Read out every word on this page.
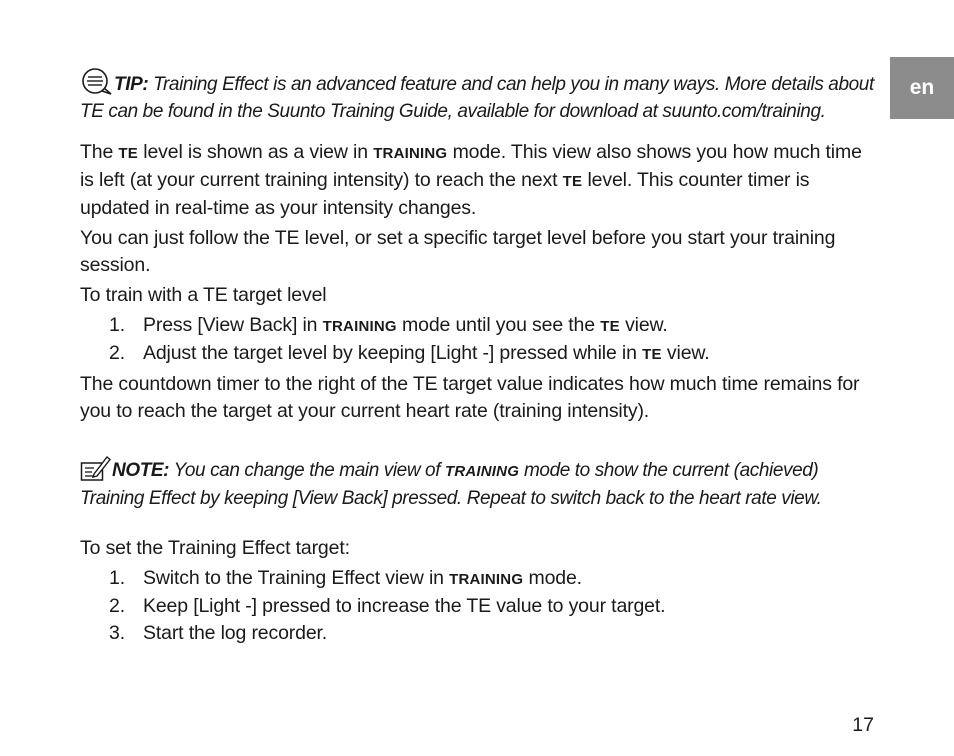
en

TIP: Training Effect is an advanced feature and can help you in many ways. More details about TE can be found in the Suunto Training Guide, available for download at suunto.com/training.

The TE level is shown as a view in TRAINING mode. This view also shows you how much time is left (at your current training intensity) to reach the next TE level. This counter timer is updated in real-time as your intensity changes.

You can just follow the TE level, or set a specific target level before you start your training session.

To train with a TE target level

1. Press [View Back] in TRAINING mode until you see the TE view.
2. Adjust the target level by keeping [Light -] pressed while in TE view.

The countdown timer to the right of the TE target value indicates how much time remains for you to reach the target at your current heart rate (training intensity).

NOTE: You can change the main view of TRAINING mode to show the current (achieved) Training Effect by keeping [View Back] pressed. Repeat to switch back to the heart rate view.

To set the Training Effect target:

1. Switch to the Training Effect view in TRAINING mode.
2. Keep [Light -] pressed to increase the TE value to your target.
3. Start the log recorder.
17
